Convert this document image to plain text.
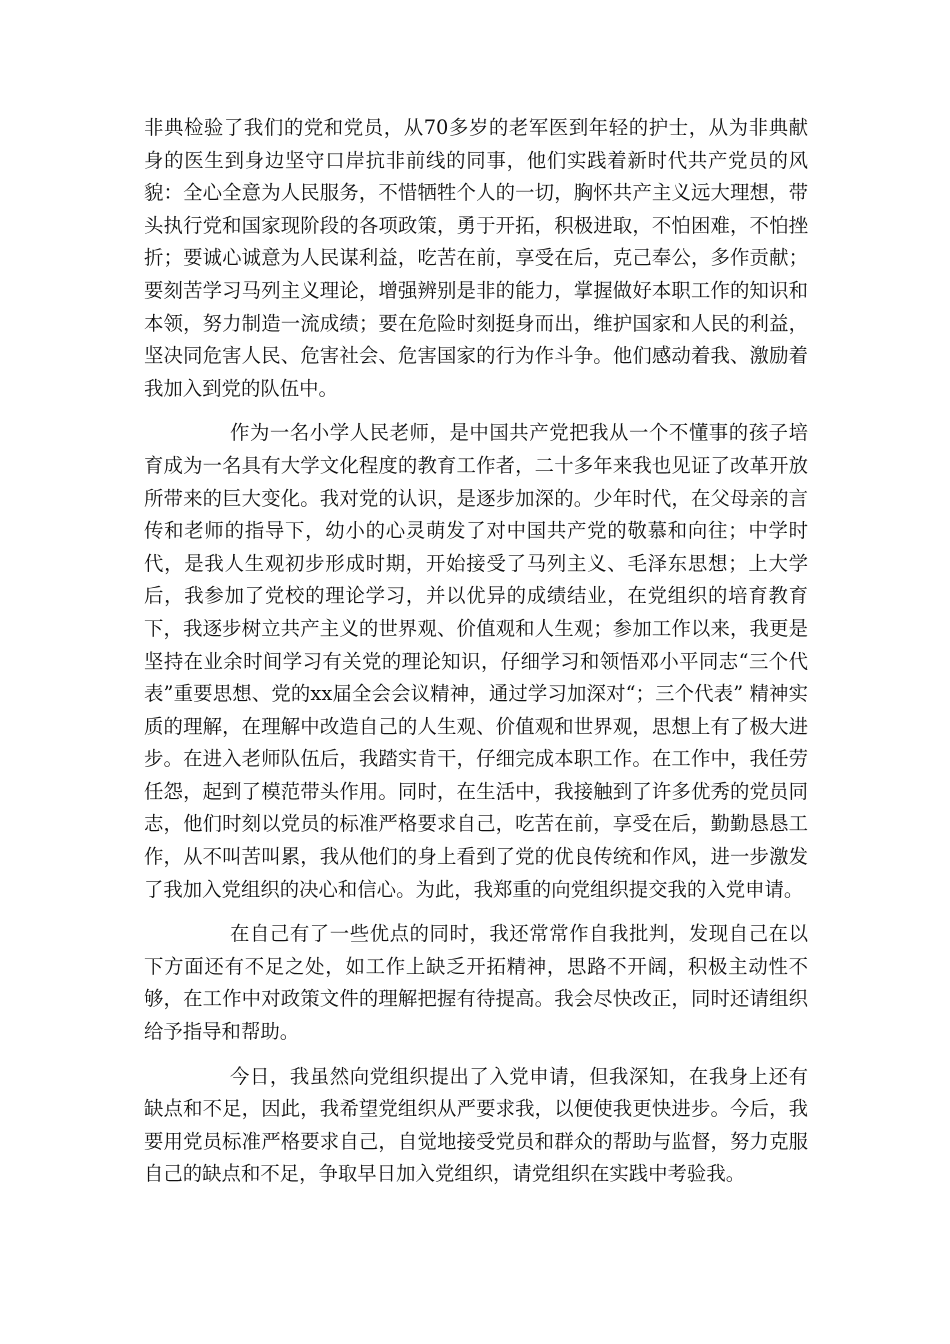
非典检验了我们的党和党员，从70多岁的老军医到年轻的护士，从为非典献身的医生到身边坚守口岸抗非前线的同事，他们实践着新时代共产党员的风貌：全心全意为人民服务，不惜牺牲个人的一切，胸怀共产主义远大理想，带头执行党和国家现阶段的各项政策，勇于开拓，积极进取，不怕困难，不怕挫折；要诚心诚意为人民谋利益，吃苦在前，享受在后，克己奉公，多作贡献；要刻苦学习马列主义理论，增强辨别是非的能力，掌握做好本职工作的知识和本领，努力制造一流成绩；要在危险时刻挺身而出，维护国家和人民的利益，坚决同危害人民、危害社会、危害国家的行为作斗争。他们感动着我、激励着我加入到党的队伍中。

作为一名小学人民老师，是中国共产党把我从一个不懂事的孩子培育成为一名具有大学文化程度的教育工作者，二十多年来我也见证了改革开放所带来的巨大变化。我对党的认识，是逐步加深的。少年时代，在父母亲的言传和老师的指导下，幼小的心灵萌发了对中国共产党的敬慕和向往；中学时代，是我人生观初步形成时期，开始接受了马列主义、毛泽东思想；上大学后，我参加了党校的理论学习，并以优异的成绩结业，在党组织的培育教育下，我逐步树立共产主义的世界观、价值观和人生观；参加工作以来，我更是坚持在业余时间学习有关党的理论知识，仔细学习和领悟邓小平同志“三个代表”重要思想、党的xx届全会会议精神，通过学习加深对“；三个代表” 精神实质的理解，在理解中改造自己的人生观、价值观和世界观，思想上有了极大进步。在进入老师队伍后，我踏实肯干，仔细完成本职工作。在工作中，我任劳任怨，起到了模范带头作用。同时，在生活中，我接触到了许多优秀的党员同志，他们时刻以党员的标准严格要求自己，吃苦在前，享受在后，勤勤恳恳工作，从不叫苦叫累，我从他们的身上看到了党的优良传统和作风，进一步激发了我加入党组织的决心和信心。为此，我郑重的向党组织提交我的入党申请。

在自己有了一些优点的同时，我还常常作自我批判，发现自己在以下方面还有不足之处，如工作上缺乏开拓精神，思路不开阔，积极主动性不够，在工作中对政策文件的理解把握有待提高。我会尽快改正，同时还请组织给予指导和帮助。

今日，我虽然向党组织提出了入党申请，但我深知，在我身上还有缺点和不足，因此，我希望党组织从严要求我，以便使我更快进步。今后，我要用党员标准严格要求自己，自觉地接受党员和群众的帮助与监督，努力克服自己的缺点和不足，争取早日加入党组织，请党组织在实践中考验我。
